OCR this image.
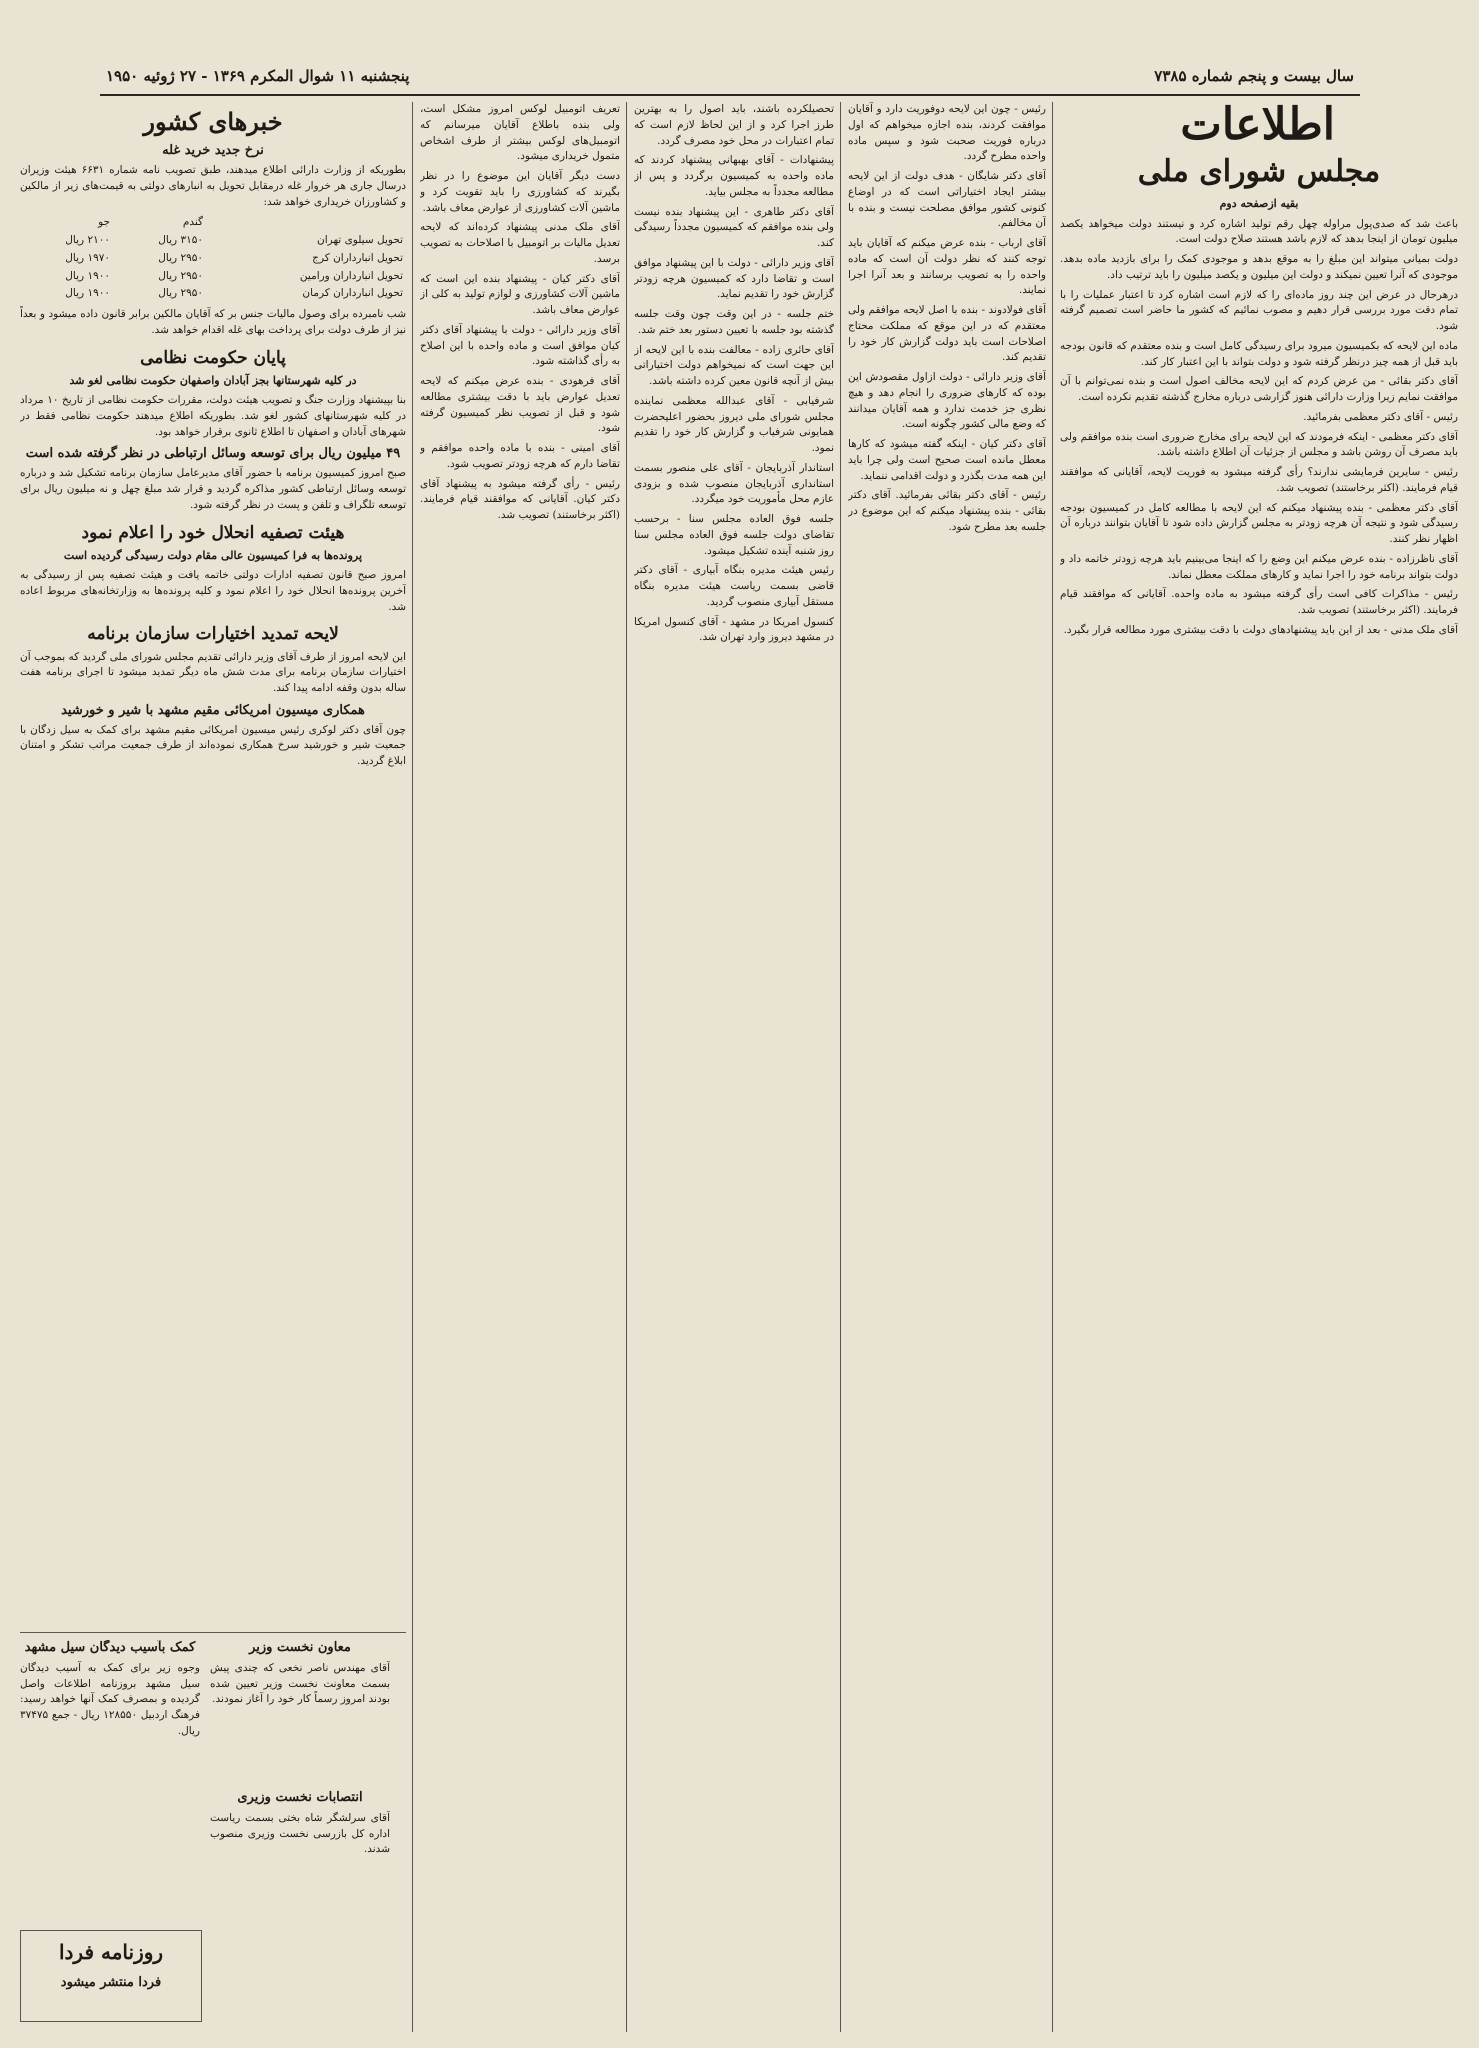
سال بیست و پنجم شماره ۷۳۸۵
پنجشنبه ۱۱ شوال المکرم ۱۳۶۹ - ۲۷ ژوئیه ۱۹۵۰
اطلاعات
مجلس شورای ملی
بقیه ازصفحه دوم

باعث شد که صدی‌پول مراوله چهل رقم تولید اشاره کرد و نیستند دولت میخواهد یکصد میلیون تومان از اینجا بدهد که لازم باشد هستند صلاح دولت است.

دولت بمیانی میتواند این مبلغ را به موقع بدهد و موجودی کمک را برای بازدید ماده بدهد. موجودی که آنرا تعیین نمیکند و دولت این میلیون و یکصد میلیون را باید ترتیب داد.

درهرحال در عرض این چند روز ماده‌ای را که لازم است اشاره کرد تا اعتبار عملیات را با تمام دقت مورد بررسی قرار دهیم و مصوب نمائیم که کشور ما حاضر است تصمیم گرفته شود.

ماده این لایحه که بکمیسیون میرود برای رسیدگی کامل است و بنده معتقدم که قانون بودجه باید قبل از همه چیز درنظر گرفته شود و دولت بتواند با این اعتبار کار کند.

آقای دکتر بقائی - من عرض کردم که این لایحه مخالف اصول است و بنده نمی‌توانم با آن موافقت نمایم زیرا وزارت دارائی هنوز گزارشی درباره مخارج گذشته تقدیم نکرده است.

رئیس - آقای دکتر معظمی بفرمائید.

آقای دکتر معظمی - اینکه فرمودند که این لایحه برای مخارج ضروری است بنده موافقم ولی باید مصرف آن روشن باشد و مجلس از جزئیات آن اطلاع داشته باشد.

رئیس - سایرین فرمایشی ندارند؟ رأی گرفته میشود به فوریت لایحه، آقایانی که موافقند قیام فرمایند. (اکثر برخاستند) تصویب شد.

آقای دکتر معظمی - بنده پیشنهاد میکنم که این لایحه با مطالعه کامل در کمیسیون بودجه رسیدگی شود و نتیجه آن هرچه زودتر به مجلس گزارش داده شود تا آقایان بتوانند درباره آن اظهار نظر کنند.

آقای ناظرزاده - بنده عرض میکنم این وضع را که اینجا می‌بینیم باید هرچه زودتر خاتمه داد و دولت بتواند برنامه خود را اجرا نماید و کارهای مملکت معطل نماند.

رئیس - مذاکرات کافی است رأی گرفته میشود به ماده واحده. آقایانی که موافقند قیام فرمایند. (اکثر برخاستند) تصویب شد.

آقای ملک مدنی - بعد از این باید پیشنهادهای دولت با دقت بیشتری مورد مطالعه قرار بگیرد.

رئیس - چون این لایحه دوفوریت دارد و آقایان موافقت کردند، بنده اجازه میخواهم که اول درباره فوریت صحبت شود و سپس ماده واحده مطرح گردد.

آقای دکتر شایگان - هدف دولت از این لایحه بیشتر ایجاد اختیاراتی است که در اوضاع کنونی کشور موافق مصلحت نیست و بنده با آن مخالفم.

آقای ارباب - بنده عرض میکنم که آقایان باید توجه کنند که نظر دولت آن است که ماده واحده را به تصویب برسانند و بعد آنرا اجرا نمایند.

آقای فولادوند - بنده با اصل لایحه موافقم ولی معتقدم که در این موقع که مملکت محتاج اصلاحات است باید دولت گزارش کار خود را تقدیم کند.

آقای وزیر دارائی - دولت ازاول مقصودش این بوده که کارهای ضروری را انجام دهد و هیچ نظری جز خدمت ندارد و همه آقایان میدانند که وضع مالی کشور چگونه است.

آقای دکتر کیان - اینکه گفته میشود که کارها معطل مانده است صحیح است ولی چرا باید این همه مدت بگذرد و دولت اقدامی ننماید.

رئیس - آقای دکتر بقائی بفرمائید. آقای دکتر بقائی - بنده پیشنهاد میکنم که این موضوع در جلسه بعد مطرح شود.

تحصیلکرده باشند، باید اصول را به بهترین طرز اجرا کرد و از این لحاظ لازم است که تمام اعتبارات در محل خود مصرف گردد.

پیشنهادات - آقای بهبهانی پیشنهاد کردند که ماده واحده به کمیسیون برگردد و پس از مطالعه مجدداً به مجلس بیاید.

آقای دکتر طاهری - این پیشنهاد بنده نیست ولی بنده موافقم که کمیسیون مجدداً رسیدگی کند.

آقای وزیر دارائی - دولت با این پیشنهاد موافق است و تقاضا دارد که کمیسیون هرچه زودتر گزارش خود را تقدیم نماید.

ختم جلسه - در این وقت چون وقت جلسه گذشته بود جلسه با تعیین دستور بعد ختم شد.

آقای حائری زاده - معالفت بنده با این لایحه از این جهت است که نمیخواهم دولت اختیاراتی بیش از آنچه قانون معین کرده داشته باشد.

شرفیابی - آقای عبدالله معظمی نماینده مجلس شورای ملی دیروز بحضور اعلیحضرت همایونی شرفیاب و گزارش کار خود را تقدیم نمود.

استاندار آذربایجان - آقای علی منصور بسمت استانداری آذربایجان منصوب شده و بزودی عازم محل مأموریت خود میگردد.

جلسه فوق العاده مجلس سنا - برحسب تقاضای دولت جلسه فوق العاده مجلس سنا روز شنبه آینده تشکیل میشود.

رئیس هیئت مدیره بنگاه آبیاری - آقای دکتر قاضی بسمت ریاست هیئت مدیره بنگاه مستقل آبیاری منصوب گردید.

کنسول امریکا در مشهد - آقای کنسول امریکا در مشهد دیروز وارد تهران شد.

تعریف اتومبیل لوکس امروز مشکل است، ولی بنده باطلاع آقایان میرسانم که اتومبیل‌های لوکس بیشتر از طرف اشخاص متمول خریداری میشود.

دست دیگر آقایان این موضوع را در نظر بگیرند که کشاورزی را باید تقویت کرد و ماشین آلات کشاورزی از عوارض معاف باشد.

آقای ملک مدنی پیشنهاد کرده‌اند که لایحه تعدیل مالیات بر اتومبیل با اصلاحات به تصویب برسد.

آقای دکتر کیان - پیشنهاد بنده این است که ماشین آلات کشاورزی و لوازم تولید به کلی از عوارض معاف باشد.

آقای وزیر دارائی - دولت با پیشنهاد آقای دکتر کیان موافق است و ماده واحده با این اصلاح به رأی گذاشته شود.

آقای فرهودی - بنده عرض میکنم که لایحه تعدیل عوارض باید با دقت بیشتری مطالعه شود و قبل از تصویب نظر کمیسیون گرفته شود.

آقای امینی - بنده با ماده واحده موافقم و تقاضا دارم که هرچه زودتر تصویب شود.

رئیس - رأی گرفته میشود به پیشنهاد آقای دکتر کیان. آقایانی که موافقند قیام فرمایند. (اکثر برخاستند) تصویب شد.

خبرهای کشور
نرخ جدید خرید غله

بطوریکه از وزارت دارائی اطلاع میدهند، طبق تصویب نامه شماره ۶۶۳۱ هیئت وزیران درسال جاری هر خروار غله درمقابل تحویل به انبارهای دولتی به قیمت‌های زیر از مالکین و کشاورزان خریداری خواهد شد:

	گندم	جو
تحویل سیلوی تهران	۳۱۵۰ ریال	۲۱۰۰ ریال
تحویل انبارداران کرج	۲۹۵۰ ریال	۱۹۷۰ ریال
تحویل انبارداران ورامین	۲۹۵۰ ریال	۱۹۰۰ ریال
تحویل انبارداران کرمان	۲۹۵۰ ریال	۱۹۰۰ ریال

شب نامبرده برای وصول مالیات جنس بر که آقایان مالکین برابر قانون داده میشود و بعداً نیز از طرف دولت برای پرداخت بهای غله اقدام خواهد شد.

پایان حکومت نظامی
در کلیه شهرستانها بجز آبادان واصفهان حکومت نظامی لغو شد

بنا بپیشنهاد وزارت جنگ و تصویب هیئت دولت، مقررات حکومت نظامی از تاریخ ۱۰ مرداد در کلیه شهرستانهای کشور لغو شد. بطوریکه اطلاع میدهند حکومت نظامی فقط در شهرهای آبادان و اصفهان تا اطلاع ثانوی برقرار خواهد بود.

۴۹ میلیون ریال برای توسعه وسائل ارتباطی در نظر گرفته شده است

صبح امروز کمیسیون برنامه با حضور آقای مدیرعامل سازمان برنامه تشکیل شد و درباره توسعه وسائل ارتباطی کشور مذاکره گردید و قرار شد مبلغ چهل و نه میلیون ریال برای توسعه تلگراف و تلفن و پست در نظر گرفته شود.

هیئت تصفیه انحلال خود را اعلام نمود
پرونده‌ها به فرا کمیسیون عالی مقام دولت رسیدگی گردیده است

امروز صبح قانون تصفیه ادارات دولتی خاتمه یافت و هیئت تصفیه پس از رسیدگی به آخرین پرونده‌ها انحلال خود را اعلام نمود و کلیه پرونده‌ها به وزارتخانه‌های مربوط اعاده شد.

لایحه تمدید اختیارات سازمان برنامه

این لایحه امروز از طرف آقای وزیر دارائی تقدیم مجلس شورای ملی گردید که بموجب آن اختیارات سازمان برنامه برای مدت شش ماه دیگر تمدید میشود تا اجرای برنامه هفت ساله بدون وقفه ادامه پیدا کند.

همکاری میسیون امریکائی مقیم مشهد با شیر و خورشید

چون آقای دکتر لوکری رئیس میسیون امریکائی مقیم مشهد برای کمک به سیل زدگان با جمعیت شیر و خورشید سرخ همکاری نموده‌اند از طرف جمعیت مراتب تشکر و امتنان ابلاغ گردید.

کمک بآسیب دیدگان سیل مشهد

وجوه زیر برای کمک به آسیب دیدگان سیل مشهد بروزنامه اطلاعات واصل گردیده و بمصرف کمک آنها خواهد رسید: فرهنگ اردبیل ۱۲۸۵۵۰ ریال - جمع ۳۷۴۷۵ ریال.

معاون نخست وزیر

آقای مهندس ناصر نخعی که چندی پیش بسمت معاونت نخست وزیر تعیین شده بودند امروز رسماً کار خود را آغاز نمودند.

انتصابات نخست وزیری

آقای سرلشگر شاه بختی بسمت ریاست اداره کل بازرسی نخست وزیری منصوب شدند.

روزنامه فردا
فردا منتشر میشود
